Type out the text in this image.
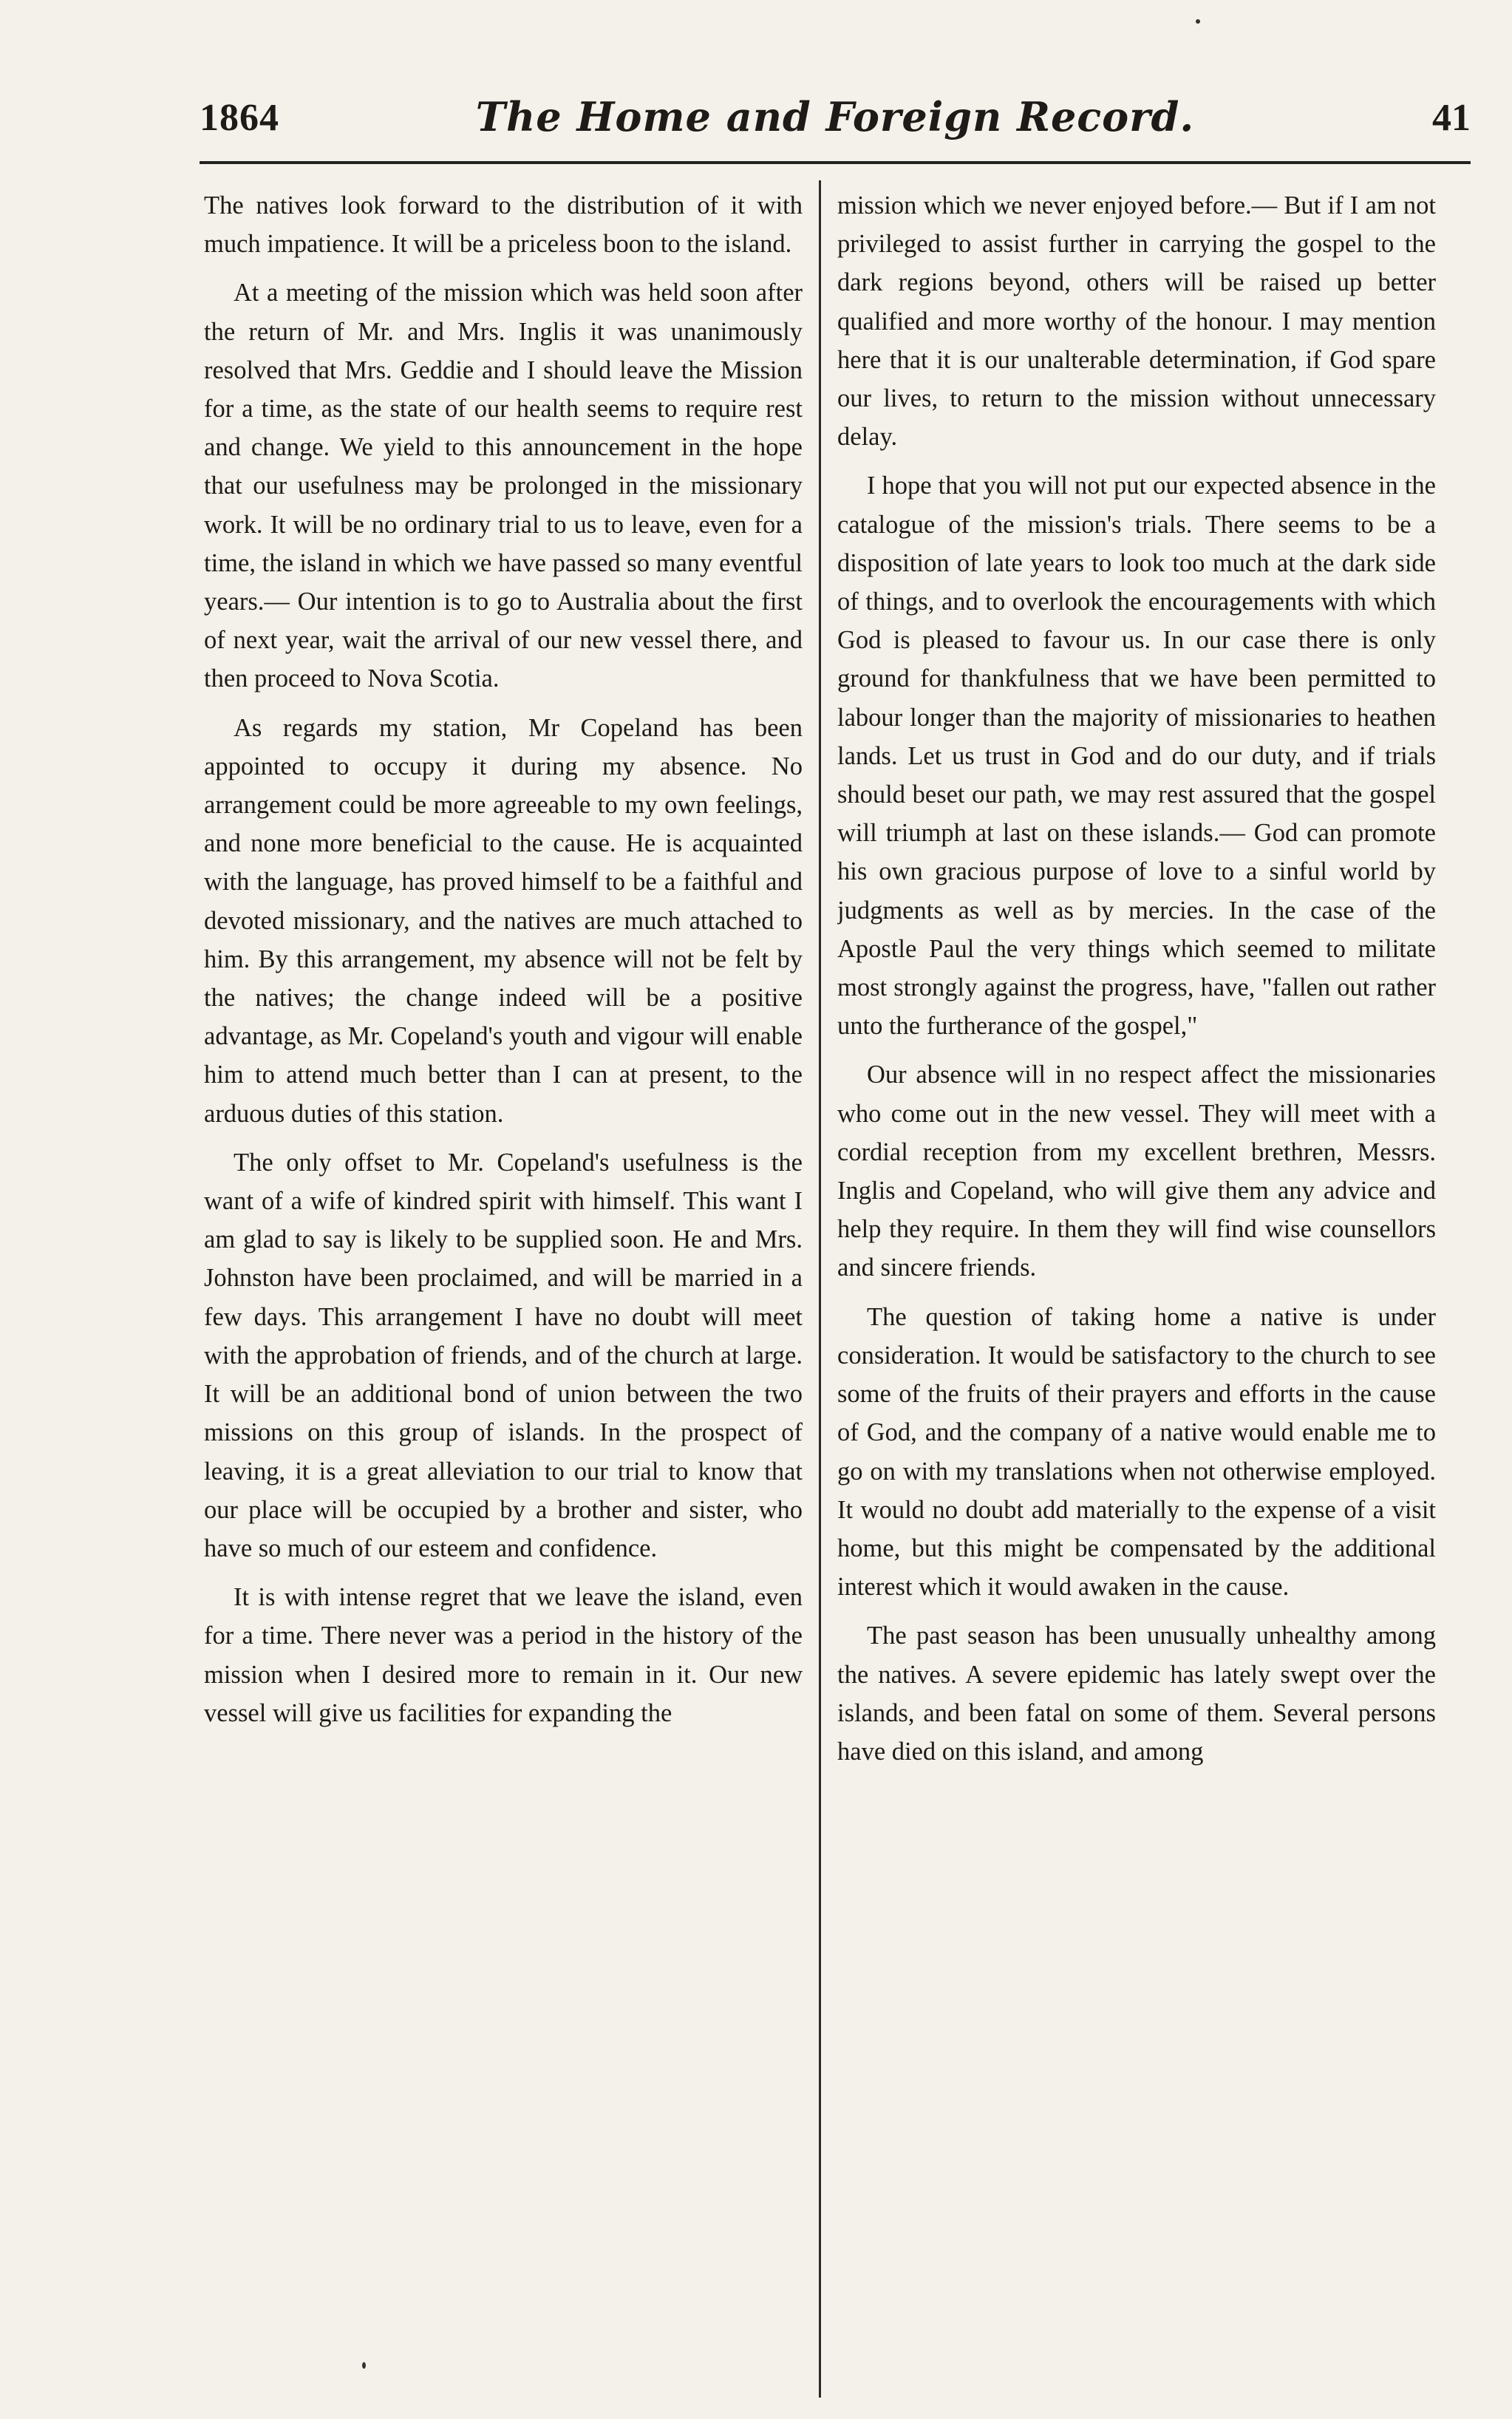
1864	The Home and Foreign Record.	41

The natives look forward to the distribution of it with much impatience. It will be a priceless boon to the island.

At a meeting of the mission which was held soon after the return of Mr. and Mrs. Inglis it was unanimously resolved that Mrs. Geddie and I should leave the Mission for a time, as the state of our health seems to require rest and change. We yield to this announcement in the hope that our usefulness may be prolonged in the missionary work. It will be no ordinary trial to us to leave, even for a time, the island in which we have passed so many eventful years.— Our intention is to go to Australia about the first of next year, wait the arrival of our new vessel there, and then proceed to Nova Scotia.

As regards my station, Mr Copeland has been appointed to occupy it during my absence. No arrangement could be more agreeable to my own feelings, and none more beneficial to the cause. He is acquainted with the language, has proved himself to be a faithful and devoted missionary, and the natives are much attached to him. By this arrangement, my absence will not be felt by the natives; the change indeed will be a positive advantage, as Mr. Copeland's youth and vigour will enable him to attend much better than I can at present, to the arduous duties of this station.

The only offset to Mr. Copeland's usefulness is the want of a wife of kindred spirit with himself. This want I am glad to say is likely to be supplied soon. He and Mrs. Johnston have been proclaimed, and will be married in a few days. This arrangement I have no doubt will meet with the approbation of friends, and of the church at large. It will be an additional bond of union between the two missions on this group of islands. In the prospect of leaving, it is a great alleviation to our trial to know that our place will be occupied by a brother and sister, who have so much of our esteem and confidence.

It is with intense regret that we leave the island, even for a time. There never was a period in the history of the mission when I desired more to remain in it. Our new vessel will give us facilities for expanding the

mission which we never enjoyed before.— But if I am not privileged to assist further in carrying the gospel to the dark regions beyond, others will be raised up better qualified and more worthy of the honour. I may mention here that it is our unalterable determination, if God spare our lives, to return to the mission without unnecessary delay.

I hope that you will not put our expected absence in the catalogue of the mission's trials. There seems to be a disposition of late years to look too much at the dark side of things, and to overlook the encouragements with which God is pleased to favour us. In our case there is only ground for thankfulness that we have been permitted to labour longer than the majority of missionaries to heathen lands. Let us trust in God and do our duty, and if trials should beset our path, we may rest assured that the gospel will triumph at last on these islands.— God can promote his own gracious purpose of love to a sinful world by judgments as well as by mercies. In the case of the Apostle Paul the very things which seemed to militate most strongly against the progress, have, "fallen out rather unto the furtherance of the gospel,"

Our absence will in no respect affect the missionaries who come out in the new vessel. They will meet with a cordial reception from my excellent brethren, Messrs. Inglis and Copeland, who will give them any advice and help they require. In them they will find wise counsellors and sincere friends.

The question of taking home a native is under consideration. It would be satisfactory to the church to see some of the fruits of their prayers and efforts in the cause of God, and the company of a native would enable me to go on with my translations when not otherwise employed. It would no doubt add materially to the expense of a visit home, but this might be compensated by the additional interest which it would awaken in the cause.

The past season has been unusually unhealthy among the natives. A severe epidemic has lately swept over the islands, and been fatal on some of them. Several persons have died on this island, and among
